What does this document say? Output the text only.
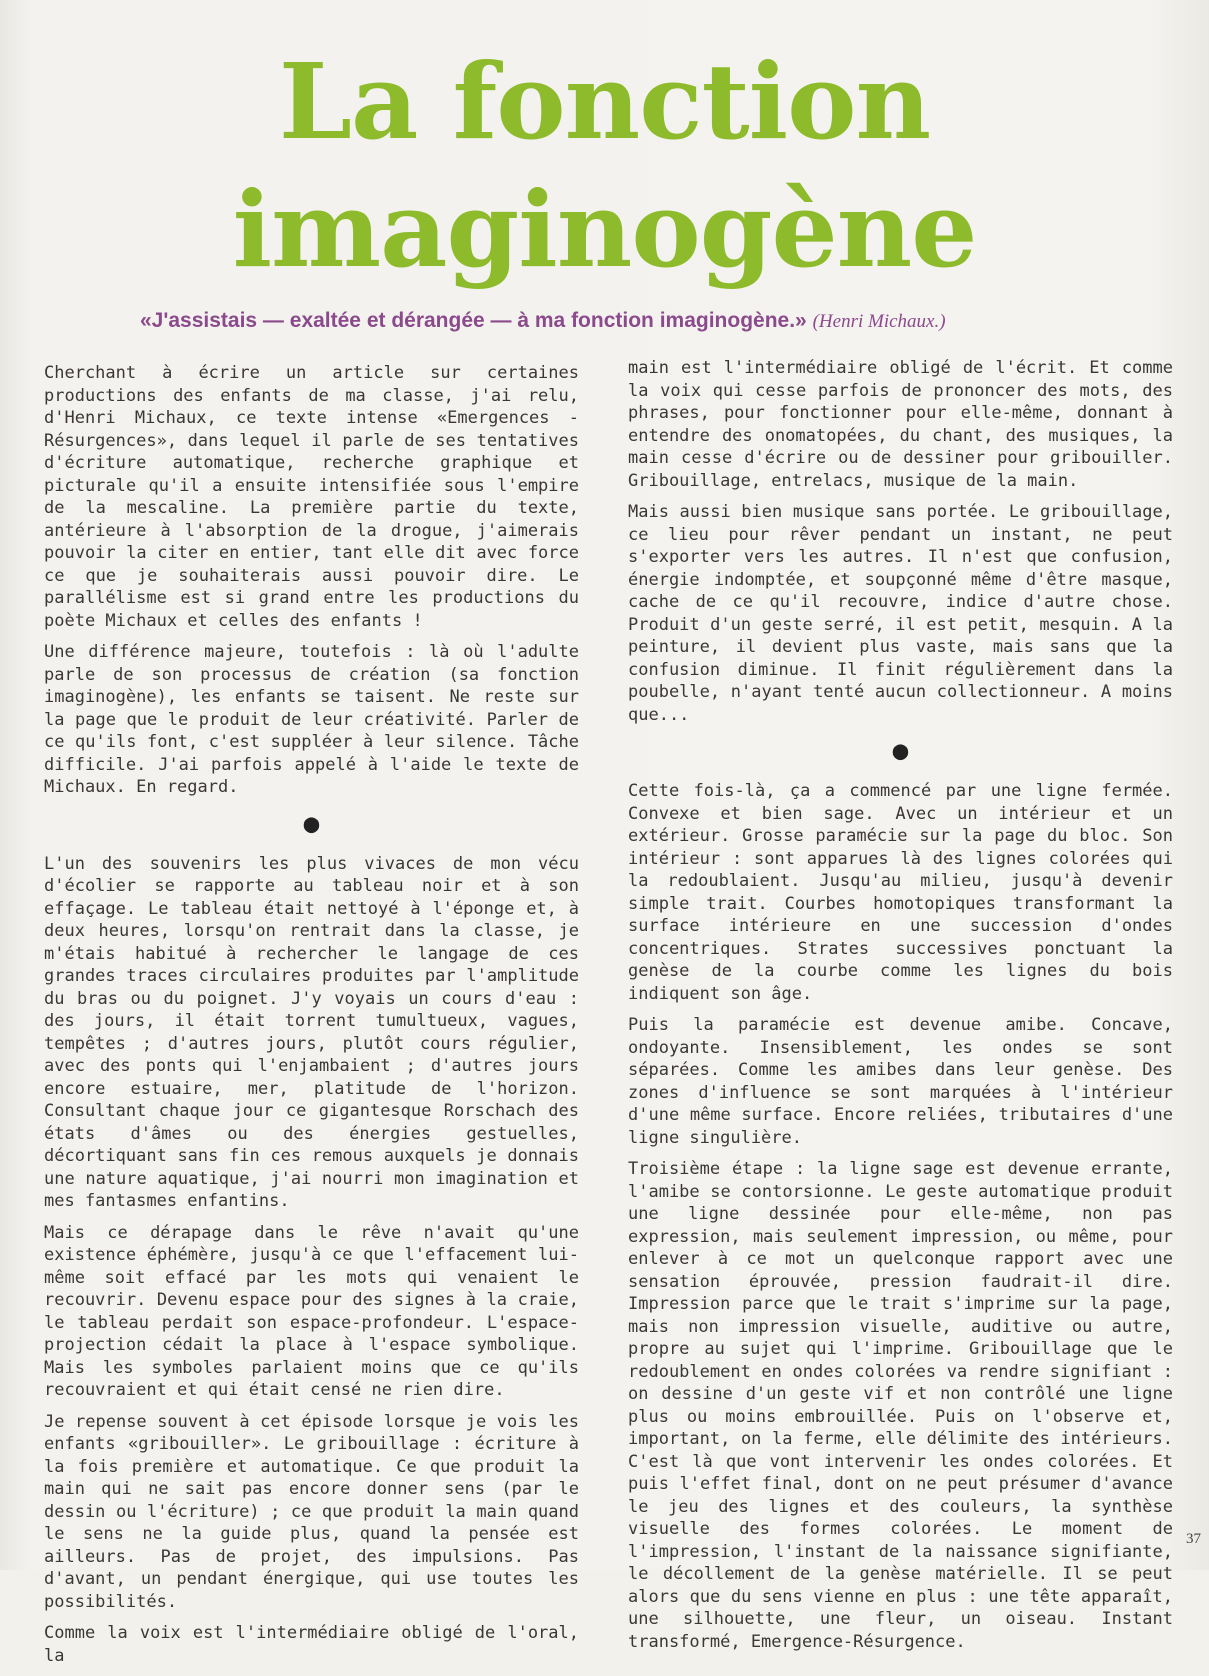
La fonction
imaginogène
«J'assistais — exaltée et dérangée — à ma fonction imaginogène.» (Henri Michaux.)

Cherchant à écrire un article sur certaines productions des enfants de ma classe, j'ai relu, d'Henri Michaux, ce texte intense «Emergences - Résurgences», dans lequel il parle de ses tentatives d'écriture automatique, recherche graphique et picturale qu'il a ensuite intensifiée sous l'empire de la mescaline. La première partie du texte, antérieure à l'absorption de la drogue, j'aimerais pouvoir la citer en entier, tant elle dit avec force ce que je souhaiterais aussi pouvoir dire. Le parallélisme est si grand entre les productions du poète Michaux et celles des enfants !

Une différence majeure, toutefois : là où l'adulte parle de son processus de création (sa fonction imaginogène), les enfants se taisent. Ne reste sur la page que le produit de leur créativité. Parler de ce qu'ils font, c'est suppléer à leur silence. Tâche difficile. J'ai parfois appelé à l'aide le texte de Michaux. En regard.

●

L'un des souvenirs les plus vivaces de mon vécu d'écolier se rapporte au tableau noir et à son effaçage. Le tableau était nettoyé à l'éponge et, à deux heures, lorsqu'on rentrait dans la classe, je m'étais habitué à rechercher le langage de ces grandes traces circulaires produites par l'amplitude du bras ou du poignet. J'y voyais un cours d'eau : des jours, il était torrent tumultueux, vagues, tempêtes ; d'autres jours, plutôt cours régulier, avec des ponts qui l'enjambaient ; d'autres jours encore estuaire, mer, platitude de l'horizon. Consultant chaque jour ce gigantesque Rorschach des états d'âmes ou des énergies gestuelles, décortiquant sans fin ces remous auxquels je donnais une nature aquatique, j'ai nourri mon imagination et mes fantasmes enfantins.

Mais ce dérapage dans le rêve n'avait qu'une existence éphémère, jusqu'à ce que l'effacement lui-même soit effacé par les mots qui venaient le recouvrir. Devenu espace pour des signes à la craie, le tableau perdait son espace-profondeur. L'espace-projection cédait la place à l'espace symbolique. Mais les symboles parlaient moins que ce qu'ils recouvraient et qui était censé ne rien dire.

Je repense souvent à cet épisode lorsque je vois les enfants «gribouiller». Le gribouillage : écriture à la fois première et automatique. Ce que produit la main qui ne sait pas encore donner sens (par le dessin ou l'écriture) ; ce que produit la main quand le sens ne la guide plus, quand la pensée est ailleurs. Pas de projet, des impulsions. Pas d'avant, un pendant énergique, qui use toutes les possibilités.

Comme la voix est l'intermédiaire obligé de l'oral, la

main est l'intermédiaire obligé de l'écrit. Et comme la voix qui cesse parfois de prononcer des mots, des phrases, pour fonctionner pour elle-même, donnant à entendre des onomatopées, du chant, des musiques, la main cesse d'écrire ou de dessiner pour gribouiller. Gribouillage, entrelacs, musique de la main.

Mais aussi bien musique sans portée. Le gribouillage, ce lieu pour rêver pendant un instant, ne peut s'exporter vers les autres. Il n'est que confusion, énergie indomptée, et soupçonné même d'être masque, cache de ce qu'il recouvre, indice d'autre chose. Produit d'un geste serré, il est petit, mesquin. A la peinture, il devient plus vaste, mais sans que la confusion diminue. Il finit régulièrement dans la poubelle, n'ayant tenté aucun collectionneur. A moins que...

●

Cette fois-là, ça a commencé par une ligne fermée. Convexe et bien sage. Avec un intérieur et un extérieur. Grosse paramécie sur la page du bloc. Son intérieur : sont apparues là des lignes colorées qui la redoublaient. Jusqu'au milieu, jusqu'à devenir simple trait. Courbes homotopiques transformant la surface intérieure en une succession d'ondes concentriques. Strates successives ponctuant la genèse de la courbe comme les lignes du bois indiquent son âge.

Puis la paramécie est devenue amibe. Concave, ondoyante. Insensiblement, les ondes se sont séparées. Comme les amibes dans leur genèse. Des zones d'influence se sont marquées à l'intérieur d'une même surface. Encore reliées, tributaires d'une ligne singulière.

Troisième étape : la ligne sage est devenue errante, l'amibe se contorsionne. Le geste automatique produit une ligne dessinée pour elle-même, non pas expression, mais seulement impression, ou même, pour enlever à ce mot un quelconque rapport avec une sensation éprouvée, pression faudrait-il dire. Impression parce que le trait s'imprime sur la page, mais non impression visuelle, auditive ou autre, propre au sujet qui l'imprime. Gribouillage que le redoublement en ondes colorées va rendre signifiant : on dessine d'un geste vif et non contrôlé une ligne plus ou moins embrouillée. Puis on l'observe et, important, on la ferme, elle délimite des intérieurs. C'est là que vont intervenir les ondes colorées. Et puis l'effet final, dont on ne peut présumer d'avance le jeu des lignes et des couleurs, la synthèse visuelle des formes colorées. Le moment de l'impression, l'instant de la naissance signifiante, le décollement de la genèse matérielle. Il se peut alors que du sens vienne en plus : une tête apparaît, une silhouette, une fleur, un oiseau. Instant transformé, Emergence-Résurgence.

37
